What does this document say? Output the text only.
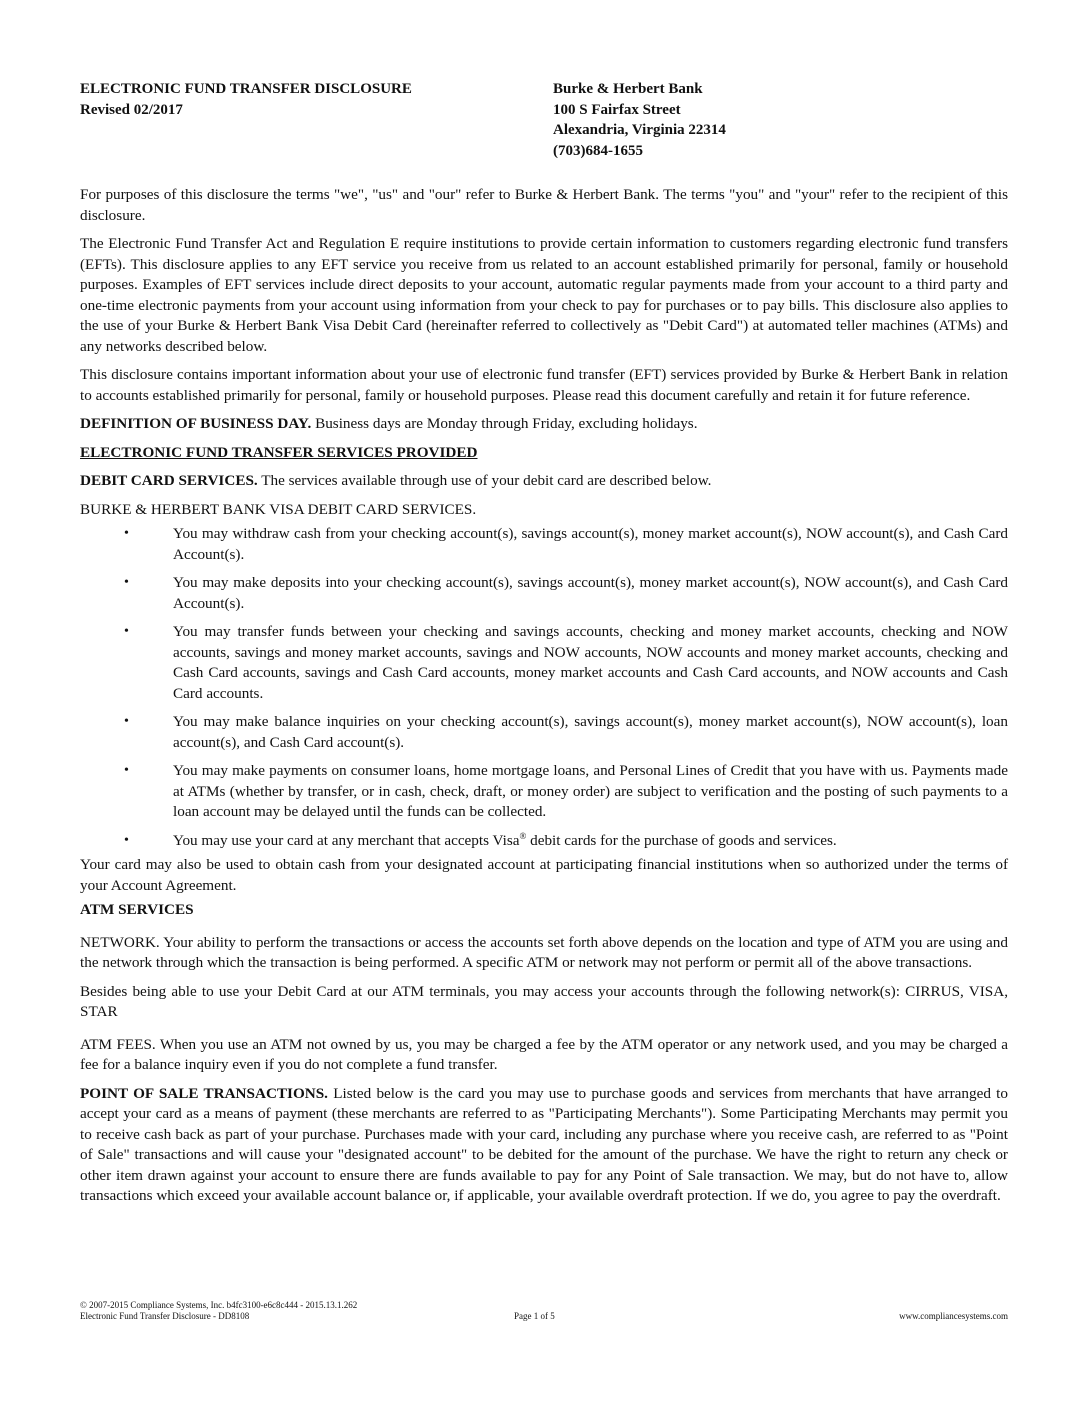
ELECTRONIC FUND TRANSFER DISCLOSURE

Revised 02/2017

Burke & Herbert Bank

100 S Fairfax Street

Alexandria, Virginia 22314

(703)684-1655

For purposes of this disclosure the terms "we", "us" and "our" refer to Burke & Herbert Bank. The terms "you" and "your" refer to the recipient of this disclosure.

The Electronic Fund Transfer Act and Regulation E require institutions to provide certain information to customers regarding electronic fund transfers (EFTs). This disclosure applies to any EFT service you receive from us related to an account established primarily for personal, family or household purposes. Examples of EFT services include direct deposits to your account, automatic regular payments made from your account to a third party and one-time electronic payments from your account using information from your check to pay for purchases or to pay bills. This disclosure also applies to the use of your Burke & Herbert Bank Visa Debit Card (hereinafter referred to collectively as "Debit Card") at automated teller machines (ATMs) and any networks described below.

This disclosure contains important information about your use of electronic fund transfer (EFT) services provided by Burke & Herbert Bank in relation to accounts established primarily for personal, family or household purposes. Please read this document carefully and retain it for future reference.

DEFINITION OF BUSINESS DAY. Business days are Monday through Friday, excluding holidays.

ELECTRONIC FUND TRANSFER SERVICES PROVIDED

DEBIT CARD SERVICES. The services available through use of your debit card are described below.

BURKE & HERBERT BANK VISA DEBIT CARD SERVICES.

•	You may withdraw cash from your checking account(s), savings account(s), money market account(s), NOW account(s), and Cash Card Account(s).
•	You may make deposits into your checking account(s), savings account(s), money market account(s), NOW account(s), and Cash Card Account(s).
•	You may transfer funds between your checking and savings accounts, checking and money market accounts, checking and NOW accounts, savings and money market accounts, savings and NOW accounts, NOW accounts and money market accounts, checking and Cash Card accounts, savings and Cash Card accounts, money market accounts and Cash Card accounts, and NOW accounts and Cash Card accounts.
•	You may make balance inquiries on your checking account(s), savings account(s), money market account(s), NOW account(s), loan account(s), and Cash Card account(s).
•	You may make payments on consumer loans, home mortgage loans, and Personal Lines of Credit that you have with us. Payments made at ATMs (whether by transfer, or in cash, check, draft, or money order) are subject to verification and the posting of such payments to a loan account may be delayed until the funds can be collected.
•	You may use your card at any merchant that accepts Visa® debit cards for the purchase of goods and services.

Your card may also be used to obtain cash from your designated account at participating financial institutions when so authorized under the terms of your Account Agreement.

ATM SERVICES

NETWORK. Your ability to perform the transactions or access the accounts set forth above depends on the location and type of ATM you are using and the network through which the transaction is being performed. A specific ATM or network may not perform or permit all of the above transactions.

Besides being able to use your Debit Card at our ATM terminals, you may access your accounts through the following network(s): CIRRUS, VISA, STAR

ATM FEES. When you use an ATM not owned by us, you may be charged a fee by the ATM operator or any network used, and you may be charged a fee for a balance inquiry even if you do not complete a fund transfer.

POINT OF SALE TRANSACTIONS. Listed below is the card you may use to purchase goods and services from merchants that have arranged to accept your card as a means of payment (these merchants are referred to as "Participating Merchants"). Some Participating Merchants may permit you to receive cash back as part of your purchase. Purchases made with your card, including any purchase where you receive cash, are referred to as "Point of Sale" transactions and will cause your "designated account" to be debited for the amount of the purchase. We have the right to return any check or other item drawn against your account to ensure there are funds available to pay for any Point of Sale transaction. We may, but do not have to, allow transactions which exceed your available account balance or, if applicable, your available overdraft protection. If we do, you agree to pay the overdraft.

© 2007-2015 Compliance Systems, Inc. b4fc3100-e6c8c444 - 2015.13.1.262

Electronic Fund Transfer Disclosure - DD8108	Page 1 of 5	www.compliancesystems.com
